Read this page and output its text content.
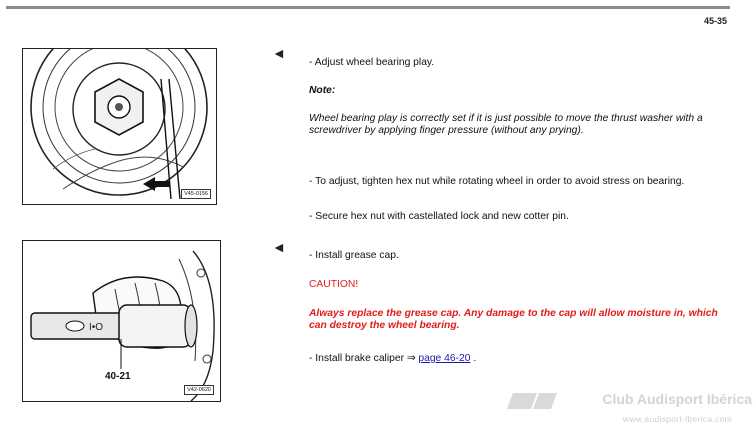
45-35
V45-0156
I•O
40-21
V42-0620
◄
- Adjust wheel bearing play.
Note:
Wheel bearing play is correctly set if it is just possible to move the thrust washer with a screwdriver by applying finger pressure (without any prying).
- To adjust, tighten hex nut while rotating wheel in order to avoid stress on bearing.
- Secure hex nut with castellated lock and new cotter pin.
◄
- Install grease cap.
CAUTION!
Always replace the grease cap. Any damage to the cap will allow moisture in, which can destroy the wheel bearing.
- Install brake caliper ⇒ page 46-20 .
Club Audisport Ibérica
www.audisport-iberica.com
